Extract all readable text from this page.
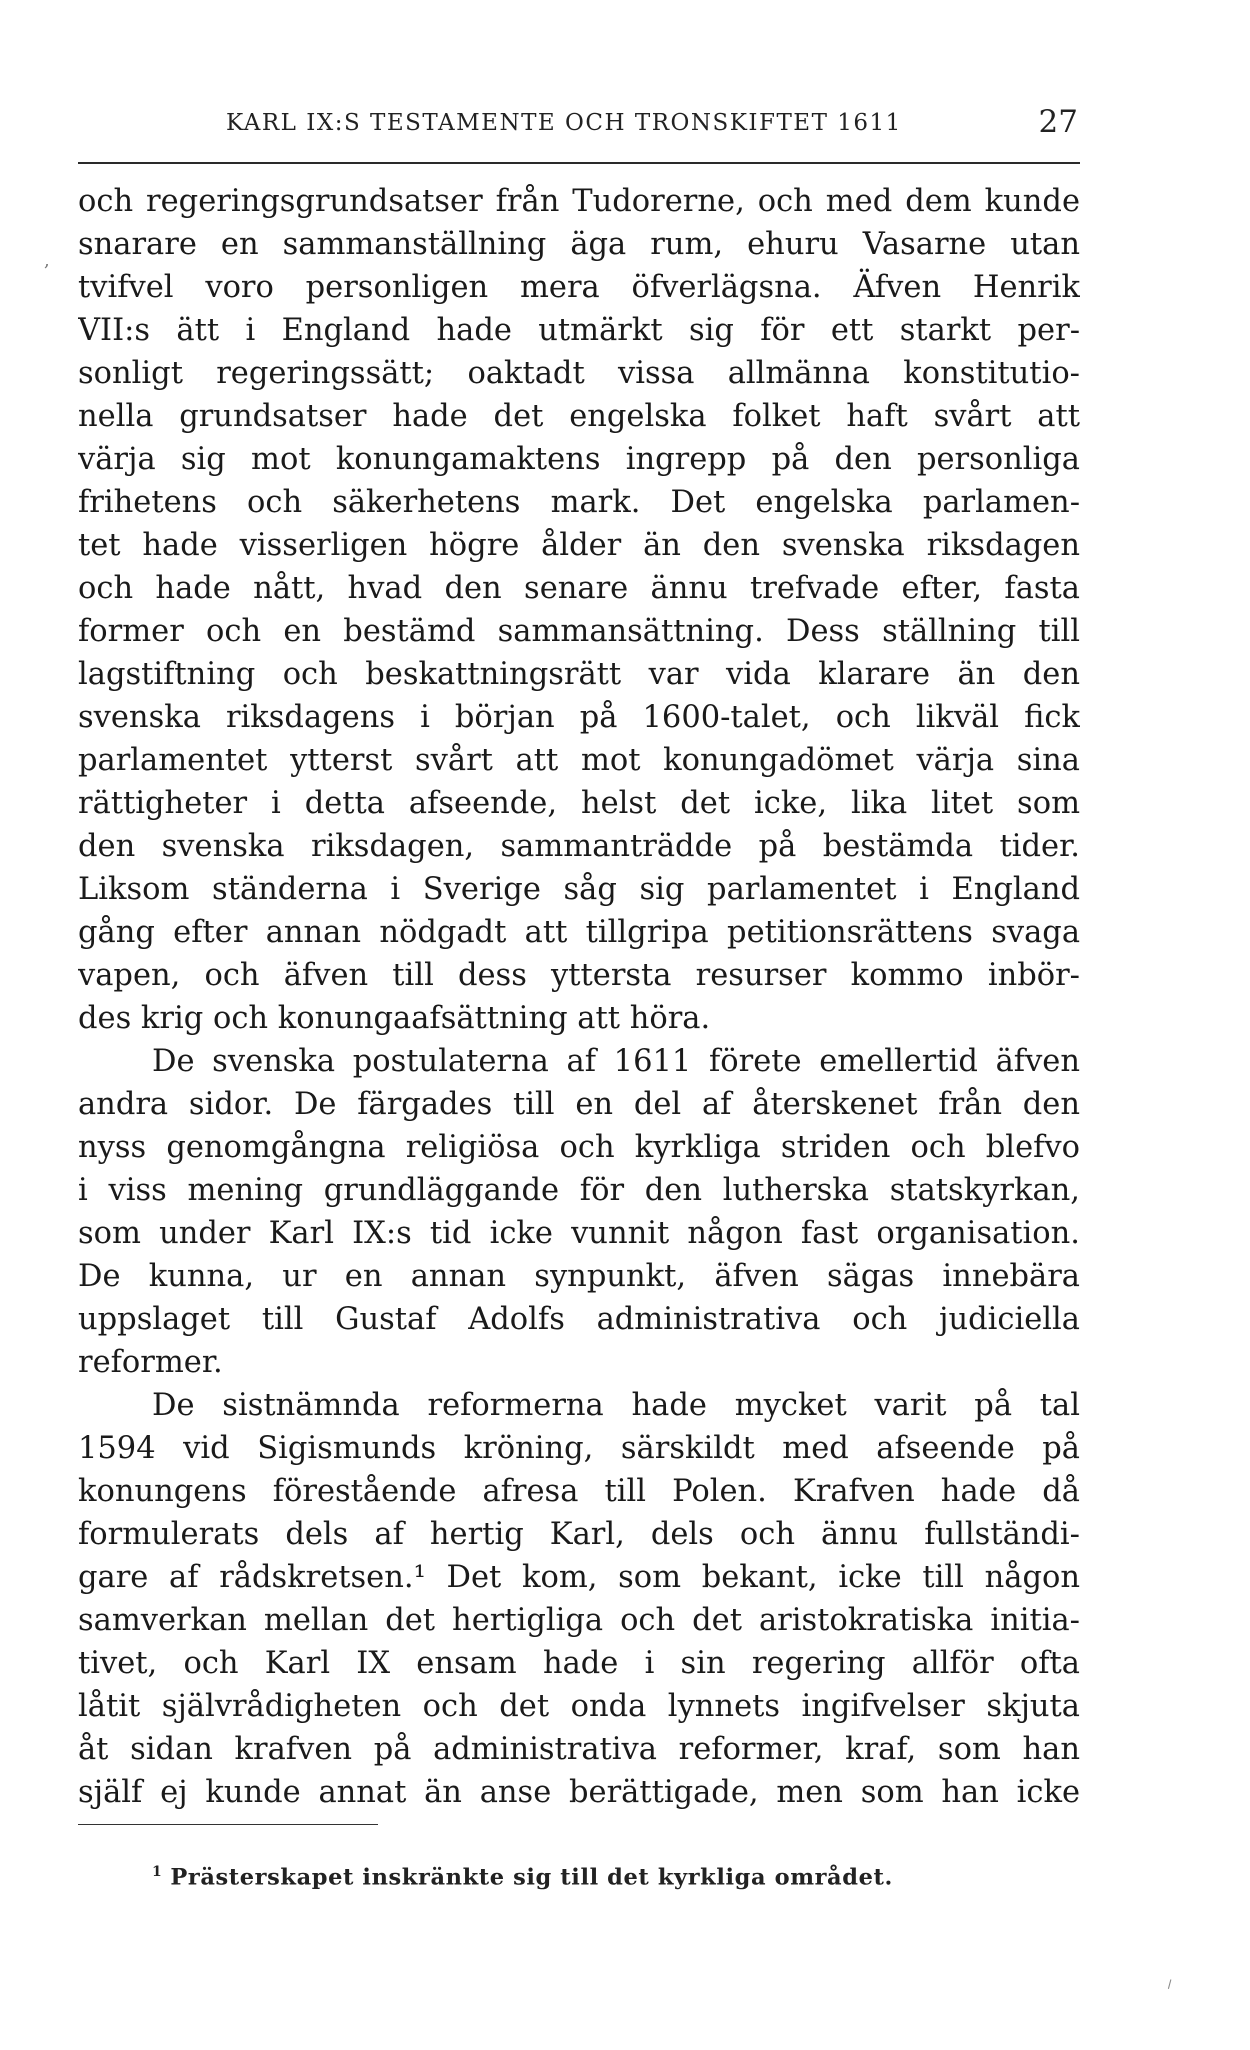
KARL IX:S TESTAMENTE OCH TRONSKIFTET 1611	27
,
och regeringsgrundsatser från Tudorerne, och med dem kunde
snarare en sammanställning äga rum, ehuru Vasarne utan
tvifvel voro personligen mera öfverlägsna. Äfven Henrik
VII:s ätt i England hade utmärkt sig för ett starkt per-
sonligt regeringssätt; oaktadt vissa allmänna konstitutio-
nella grundsatser hade det engelska folket haft svårt att
värja sig mot konungamaktens ingrepp på den personliga
frihetens och säkerhetens mark. Det engelska parlamen-
tet hade visserligen högre ålder än den svenska riksdagen
och hade nått, hvad den senare ännu trefvade efter, fasta
former och en bestämd sammansättning. Dess ställning till
lagstiftning och beskattningsrätt var vida klarare än den
svenska riksdagens i början på 1600-talet, och likväl fick
parlamentet ytterst svårt att mot konungadömet värja sina
rättigheter i detta afseende, helst det icke, lika litet som
den svenska riksdagen, sammanträdde på bestämda tider.
Liksom ständerna i Sverige såg sig parlamentet i England
gång efter annan nödgadt att tillgripa petitionsrättens svaga
vapen, och äfven till dess yttersta resurser kommo inbör-
des krig och konungaafsättning att höra.
De svenska postulaterna af 1611 förete emellertid äfven
andra sidor. De färgades till en del af återskenet från den
nyss genomgångna religiösa och kyrkliga striden och blefvo
i viss mening grundläggande för den lutherska statskyrkan,
som under Karl IX:s tid icke vunnit någon fast organisation.
De kunna, ur en annan synpunkt, äfven sägas innebära
uppslaget till Gustaf Adolfs administrativa och judiciella
reformer.
De sistnämnda reformerna hade mycket varit på tal
1594 vid Sigismunds kröning, särskildt med afseende på
konungens förestående afresa till Polen. Krafven hade då
formulerats dels af hertig Karl, dels och ännu fullständi-
gare af rådskretsen.¹ Det kom, som bekant, icke till någon
samverkan mellan det hertigliga och det aristokratiska initia-
tivet, och Karl IX ensam hade i sin regering allför ofta
låtit självrådigheten och det onda lynnets ingifvelser skjuta
åt sidan krafven på administrativa reformer, kraf, som han
själf ej kunde annat än anse berättigade, men som han icke
$^1$ Prästerskapet inskränkte sig till det kyrkliga området.
⸝
